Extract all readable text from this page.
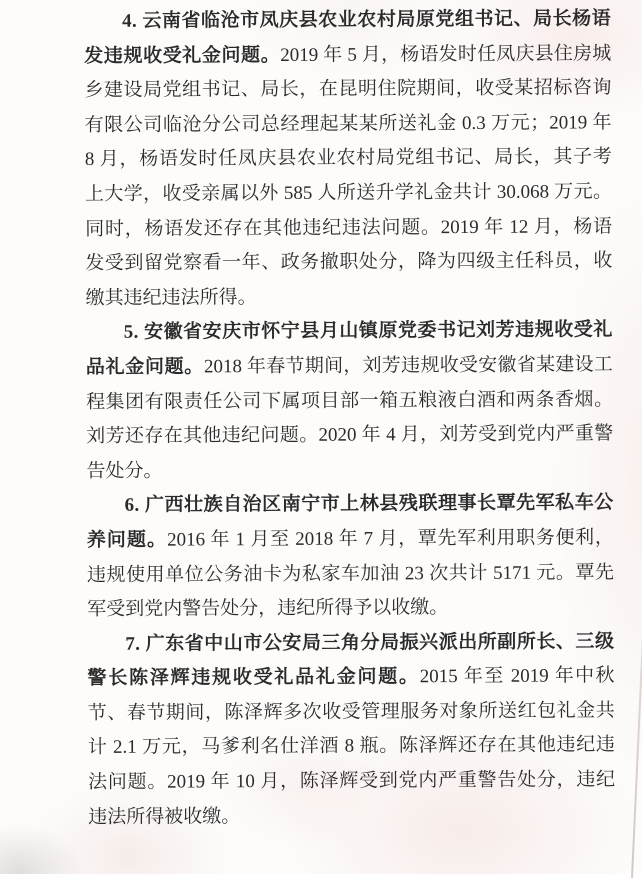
4. 云南省临沧市凤庆县农业农村局原党组书记、局长杨语发违规收受礼金问题。2019 年 5 月，杨语发时任凤庆县住房城乡建设局党组书记、局长，在昆明住院期间，收受某招标咨询有限公司临沧分公司总经理起某某所送礼金 0.3 万元；2019 年 8 月，杨语发时任凤庆县农业农村局党组书记、局长，其子考上大学，收受亲属以外 585 人所送升学礼金共计 30.068 万元。同时，杨语发还存在其他违纪违法问题。2019 年 12 月，杨语发受到留党察看一年、政务撤职处分，降为四级主任科员，收缴其违纪违法所得。

5. 安徽省安庆市怀宁县月山镇原党委书记刘芳违规收受礼品礼金问题。2018 年春节期间，刘芳违规收受安徽省某建设工程集团有限责任公司下属项目部一箱五粮液白酒和两条香烟。刘芳还存在其他违纪问题。2020 年 4 月，刘芳受到党内严重警告处分。

6. 广西壮族自治区南宁市上林县残联理事长覃先军私车公养问题。2016 年 1 月至 2018 年 7 月，覃先军利用职务便利，违规使用单位公务油卡为私家车加油 23 次共计 5171 元。覃先军受到党内警告处分，违纪所得予以收缴。

7. 广东省中山市公安局三角分局振兴派出所副所长、三级警长陈泽辉违规收受礼品礼金问题。2015 年至 2019 年中秋节、春节期间，陈泽辉多次收受管理服务对象所送红包礼金共计 2.1 万元，马爹利名仕洋酒 8 瓶。陈泽辉还存在其他违纪违法问题。2019 年 10 月，陈泽辉受到党内严重警告处分，违纪违法所得被收缴。
